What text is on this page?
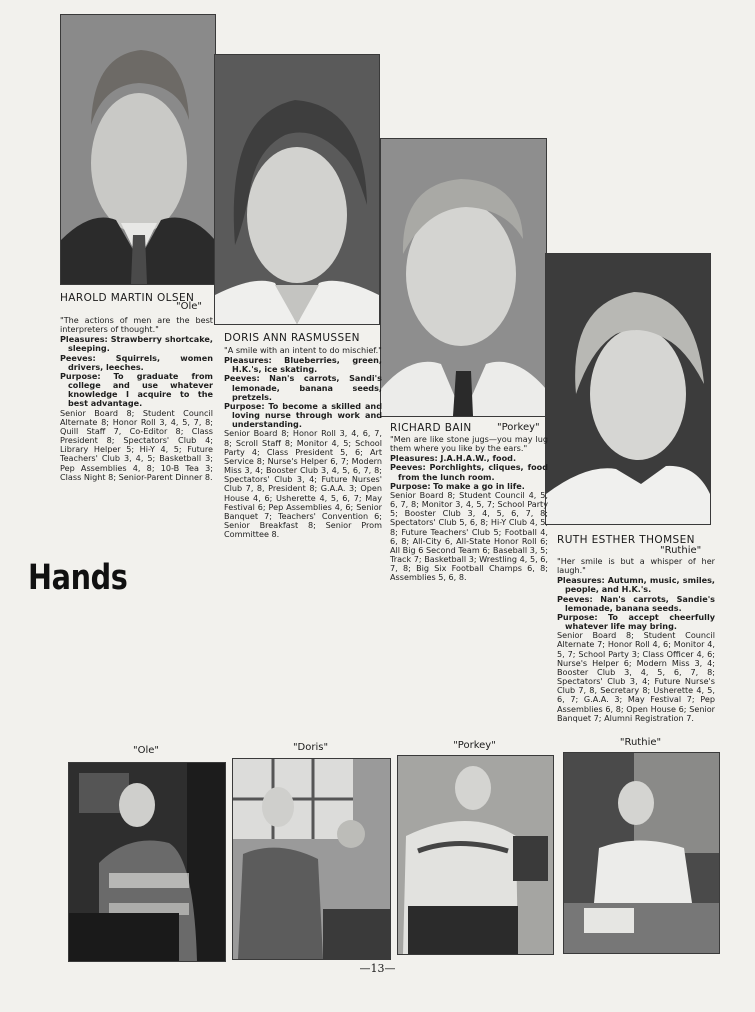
HAROLD MARTIN OLSEN
"Ole"
DORIS ANN RASMUSSEN
RICHARD BAIN	"Porkey"
RUTH ESTHER THOMSEN
"Ruthie"
"The actions of men are the best interpreters of thought."
Pleasures: Strawberry shortcake, sleeping.
Peeves: Squirrels, women drivers, leeches.
Purpose: To graduate from college and use whatever knowledge I acquire to the best advantage.
Senior Board 8; Student Council Alternate 8; Honor Roll 3, 4, 5, 7, 8; Quill Staff 7, Co-Editor 8; Class President 8; Spectators' Club 4; Library Helper 5; Hi-Y 4, 5; Future Teachers' Club 3, 4, 5; Basketball 3; Pep Assemblies 4, 8; 10-B Tea 3; Class Night 8; Senior-Parent Dinner 8.
"A smile with an intent to do mischief."
Pleasures: Blueberries, green, H.K.'s, ice skating.
Peeves: Nan's carrots, Sandi's lemonade, banana seeds, pretzels.
Purpose: To become a skilled and loving nurse through work and understanding.
Senior Board 8; Honor Roll 3, 4, 6, 7, 8; Scroll Staff 8; Monitor 4, 5; School Party 4; Class President 5, 6; Art Service 8; Nurse's Helper 6, 7; Modern Miss 3, 4; Booster Club 3, 4, 5, 6, 7, 8; Spectators' Club 3, 4; Future Nurses' Club 7, 8, President 8; G.A.A. 3; Open House 4, 6; Usherette 4, 5, 6, 7; May Festival 6; Pep Assemblies 4, 6; Senior Banquet 7; Teachers' Convention 6; Senior Breakfast 8; Senior Prom Committee 8.
"Men are like stone jugs—you may lug them where you like by the ears."
Pleasures: J.A.H.A.W., food.
Peeves: Porchlights, cliques, food from the lunch room.
Purpose: To make a go in life.
Senior Board 8; Student Council 4, 5, 6, 7, 8; Monitor 3, 4, 5, 7; School Party 5; Booster Club 3, 4, 5, 6, 7, 8; Spectators' Club 5, 6, 8; Hi-Y Club 4, 5, 8; Future Teachers' Club 5; Football 4, 6, 8; All-City 6, All-State Honor Roll 6; All Big 6 Second Team 6; Baseball 3, 5; Track 7; Basketball 3; Wrestling 4, 5, 6, 7, 8; Big Six Football Champs 6, 8; Assemblies 5, 6, 8.
"Her smile is but a whisper of her laugh."
Pleasures: Autumn, music, smiles, people, and H.K.'s.
Peeves: Nan's carrots, Sandie's lemonade, banana seeds.
Purpose: To accept cheerfully whatever life may bring.
Senior Board 8; Student Council Alternate 7; Honor Roll 4, 6; Monitor 4, 5, 7; School Party 3; Class Officer 4, 6; Nurse's Helper 6; Modern Miss 3, 4; Booster Club 3, 4, 5, 6, 7, 8; Spectators' Club 3, 4; Future Nurse's Club 7, 8, Secretary 8; Usherette 4, 5, 6, 7; G.A.A. 3; May Festival 7; Pep Assemblies 6, 8; Open House 6; Senior Banquet 7; Alumni Registration 7.
Hands
"Ole"	"Doris"	"Porkey"	"Ruthie"
—13—
